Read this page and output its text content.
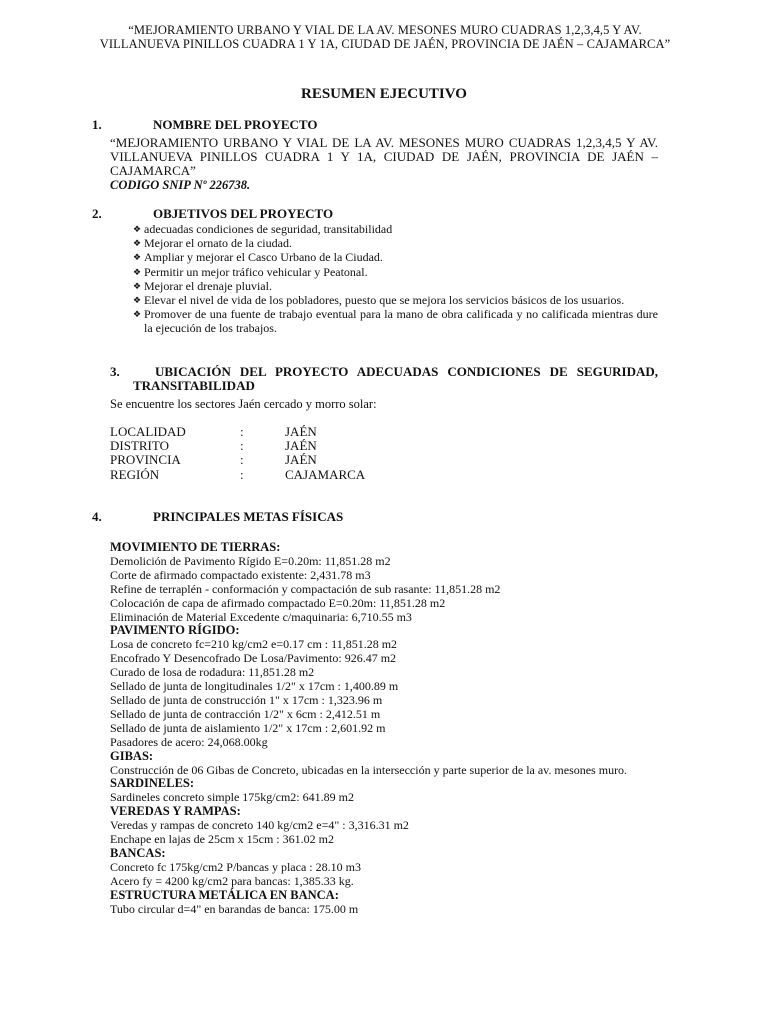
“MEJORAMIENTO URBANO Y VIAL DE LA AV. MESONES MURO CUADRAS 1,2,3,4,5 Y AV.
VILLANUEVA PINILLOS CUADRA 1 Y 1A, CIUDAD DE JAÉN, PROVINCIA DE JAÉN – CAJAMARCA”
RESUMEN EJECUTIVO
1.	NOMBRE DEL PROYECTO
“MEJORAMIENTO URBANO Y VIAL DE LA AV. MESONES MURO CUADRAS 1,2,3,4,5 Y AV.
VILLANUEVA PINILLOS CUADRA 1 Y 1A, CIUDAD DE JAÉN, PROVINCIA DE JAÉN –
CAJAMARCA”
CODIGO SNIP Nº 226738.
2.	OBJETIVOS DEL PROYECTO
❖ adecuadas condiciones de seguridad, transitabilidad
❖ Mejorar el ornato de la ciudad.
❖ Ampliar y mejorar el Casco Urbano de la Ciudad.
❖ Permitir un mejor tráfico vehicular y Peatonal.
❖ Mejorar el drenaje pluvial.
❖ Elevar el nivel de vida de los pobladores, puesto que se mejora los servicios básicos de los usuarios.
❖ Promover de una fuente de trabajo eventual para la mano de obra calificada y no calificada mientras dure la ejecución de los trabajos.
3.	UBICACIÓN DEL PROYECTO ADECUADAS CONDICIONES DE SEGURIDAD,
TRANSITABILIDAD
Se encuentre los sectores Jaén cercado y morro solar:
LOCALIDAD	:	JAÉN
DISTRITO	:	JAÉN
PROVINCIA	:	JAÉN
REGIÓN	:	CAJAMARCA
4.	PRINCIPALES METAS FÍSICAS
MOVIMIENTO DE TIERRAS:
Demolición de Pavimento Rígido E=0.20m: 11,851.28 m2
Corte de afirmado compactado existente: 2,431.78 m3
Refine de terraplén - conformación y compactación de sub rasante: 11,851.28 m2
Colocación de capa de afirmado compactado E=0.20m: 11,851.28 m2
Eliminación de Material Excedente c/maquinaria: 6,710.55 m3
PAVIMENTO RÍGIDO:
Losa de concreto fc=210 kg/cm2 e=0.17 cm : 11,851.28 m2
Encofrado Y Desencofrado De Losa/Pavimento: 926.47 m2
Curado de losa de rodadura: 11,851.28 m2
Sellado de junta de longitudinales 1/2" x 17cm : 1,400.89 m
Sellado de junta de construcción 1" x 17cm : 1,323.96 m
Sellado de junta de contracción 1/2" x 6cm : 2,412.51 m
Sellado de junta de aislamiento 1/2" x 17cm : 2,601.92 m
Pasadores de acero: 24,068.00kg
GIBAS:
Construcción de 06 Gibas de Concreto, ubicadas en la intersección y parte superior de la av. mesones muro.
SARDINELES:
Sardineles concreto simple 175kg/cm2: 641.89 m2
VEREDAS Y RAMPAS:
Veredas y rampas de concreto 140 kg/cm2 e=4" : 3,316.31 m2
Enchape en lajas de 25cm x 15cm : 361.02 m2
BANCAS:
Concreto fc 175kg/cm2 P/bancas y placa : 28.10 m3
Acero fy = 4200 kg/cm2 para bancas: 1,385.33 kg.
ESTRUCTURA METÁLICA EN BANCA:
Tubo circular d=4" en barandas de banca: 175.00 m
